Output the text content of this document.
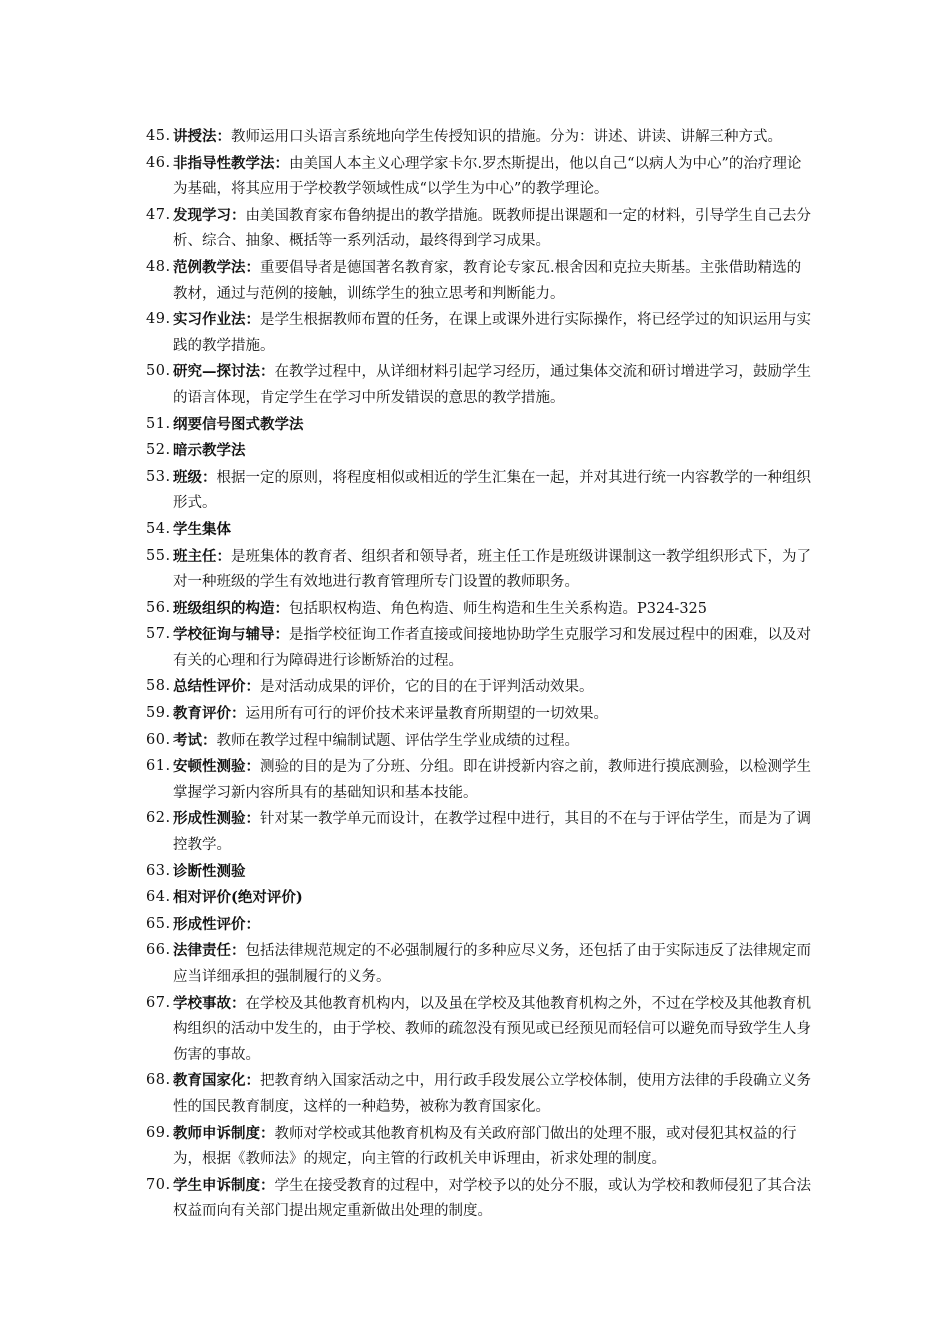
45. 讲授法：教师运用口头语言系统地向学生传授知识的措施。分为：讲述、讲读、讲解三种方式。
46. 非指导性教学法：由美国人本主义心理学家卡尔.罗杰斯提出，他以自己“以病人为中心”的治疗理论为基础，将其应用于学校教学领域性成“以学生为中心”的教学理论。
47. 发现学习：由美国教育家布鲁纳提出的教学措施。既教师提出课题和一定的材料，引导学生自己去分析、综合、抽象、概括等一系列活动，最终得到学习成果。
48. 范例教学法：重要倡导者是德国著名教育家，教育论专家瓦.根舍因和克拉夫斯基。主张借助精选的教材，通过与范例的接触，训练学生的独立思考和判断能力。
49. 实习作业法：是学生根据教师布置的任务，在课上或课外进行实际操作，将已经学过的知识运用与实践的教学措施。
50. 研究—探讨法：在教学过程中，从详细材料引起学习经历，通过集体交流和研讨增进学习，鼓励学生的语言体现，肯定学生在学习中所发错误的意思的教学措施。
51. 纲要信号图式教学法
52. 暗示教学法
53. 班级：根据一定的原则，将程度相似或相近的学生汇集在一起，并对其进行统一内容教学的一种组织形式。
54. 学生集体
55. 班主任：是班集体的教育者、组织者和领导者，班主任工作是班级讲课制这一教学组织形式下，为了对一种班级的学生有效地进行教育管理所专门设置的教师职务。
56. 班级组织的构造：包括职权构造、角色构造、师生构造和生生关系构造。P324-325
57. 学校征询与辅导：是指学校征询工作者直接或间接地协助学生克服学习和发展过程中的困难，以及对有关的心理和行为障碍进行诊断矫治的过程。
58. 总结性评价：是对活动成果的评价，它的目的在于评判活动效果。
59. 教育评价：运用所有可行的评价技术来评量教育所期望的一切效果。
60. 考试：教师在教学过程中编制试题、评估学生学业成绩的过程。
61. 安顿性测验：测验的目的是为了分班、分组。即在讲授新内容之前，教师进行摸底测验，以检测学生掌握学习新内容所具有的基础知识和基本技能。
62. 形成性测验：针对某一教学单元而设计，在教学过程中进行，其目的不在与于评估学生，而是为了调控教学。
63. 诊断性测验
64. 相对评价(绝对评价)
65. 形成性评价：
66. 法律责任：包括法律规范规定的不必强制履行的多种应尽义务，还包括了由于实际违反了法律规定而应当详细承担的强制履行的义务。
67. 学校事故：在学校及其他教育机构内，以及虽在学校及其他教育机构之外，不过在学校及其他教育机构组织的活动中发生的，由于学校、教师的疏忽没有预见或已经预见而轻信可以避免而导致学生人身伤害的事故。
68. 教育国家化：把教育纳入国家活动之中，用行政手段发展公立学校体制，使用方法律的手段确立义务性的国民教育制度，这样的一种趋势，被称为教育国家化。
69. 教师申诉制度：教师对学校或其他教育机构及有关政府部门做出的处理不服，或对侵犯其权益的行为，根据《教师法》的规定，向主管的行政机关申诉理由，祈求处理的制度。
70. 学生申诉制度：学生在接受教育的过程中，对学校予以的处分不服，或认为学校和教师侵犯了其合法权益而向有关部门提出规定重新做出处理的制度。
